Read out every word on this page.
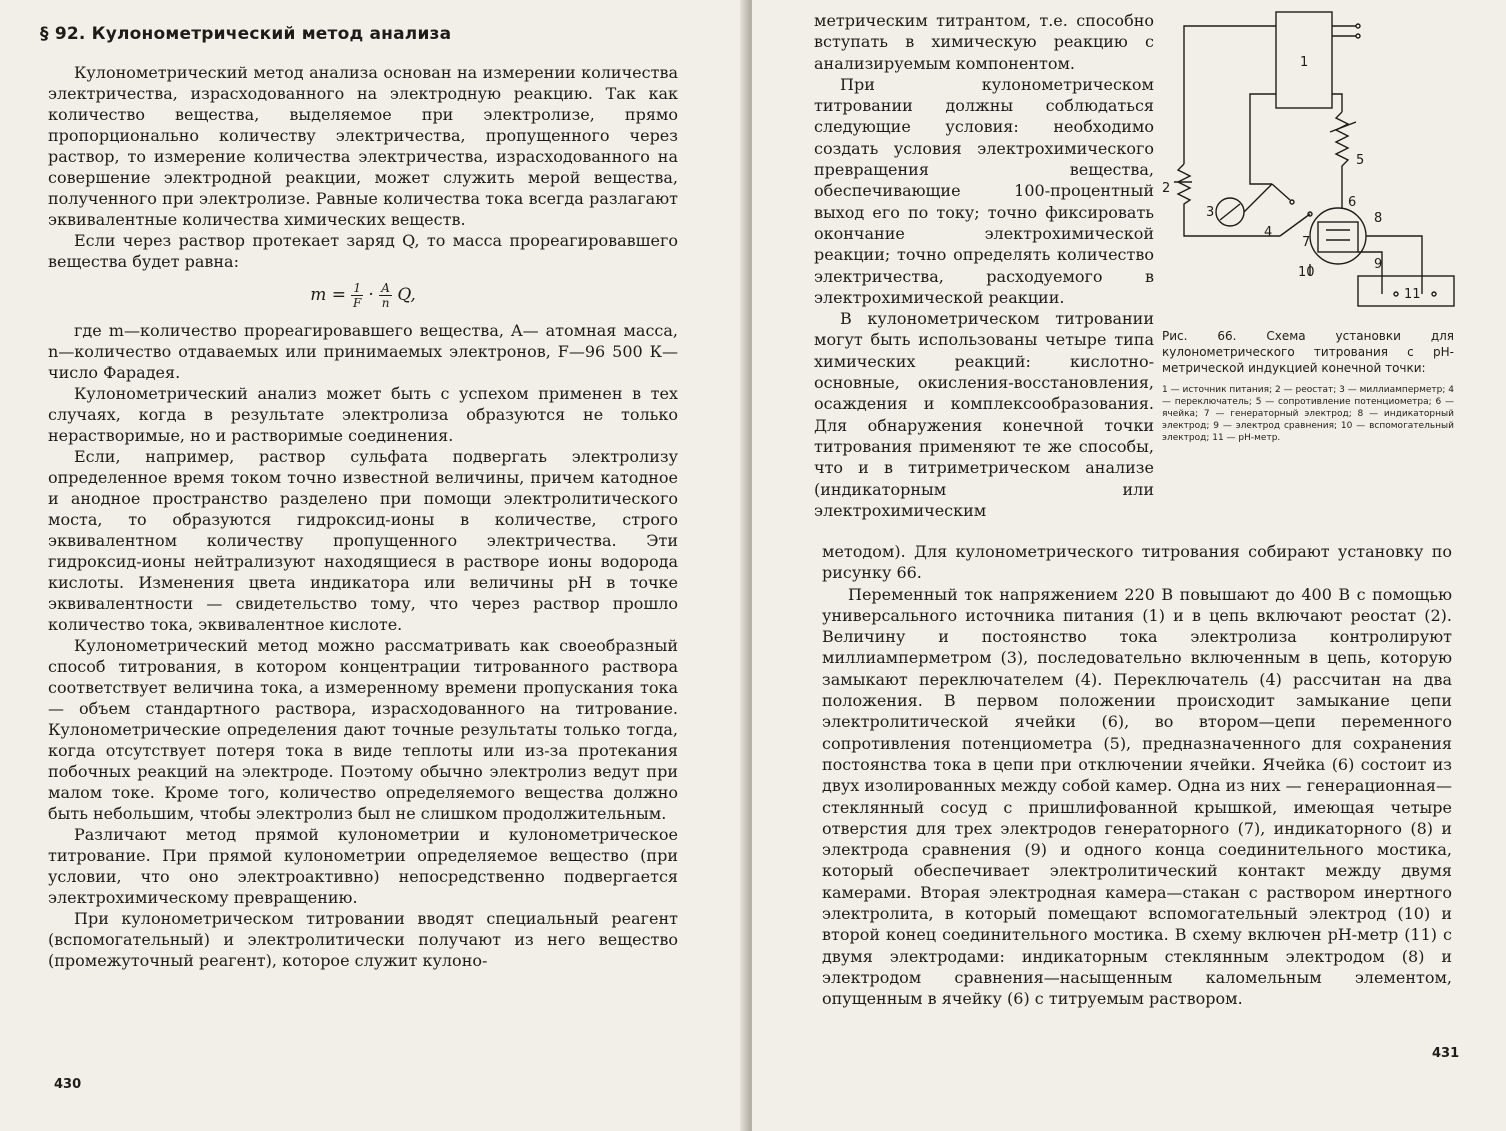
§ 92. Кулонометрический метод анализа

Кулонометрический метод анализа основан на измерении количества электричества, израсходованного на электродную реакцию. Так как количество вещества, выделяемое при электролизе, прямо пропорционально количеству электричества, пропущенного через раствор, то измерение количества электричества, израсходованного на совершение электродной реакции, может служить мерой вещества, полученного при электролизе. Равные количества тока всегда разлагают эквивалентные количества химических веществ.

Если через раствор протекает заряд Q, то масса прореагировавшего вещества будет равна:

$m = \frac{1}{F} \cdot \frac{A}{n} Q$,

где m—количество прореагировавшего вещества, A— атомная масса, n—количество отдаваемых или принимаемых электронов, F—96 500 К—число Фарадея.

Кулонометрический анализ может быть с успехом применен в тех случаях, когда в результате электролиза образуются не только нерастворимые, но и растворимые соединения.

Если, например, раствор сульфата подвергать электролизу определенное время током точно известной величины, причем катодное и анодное пространство разделено при помощи электролитического моста, то образуются гидроксид-ионы в количестве, строго эквивалентном количеству пропущенного электричества. Эти гидроксид-ионы нейтрализуют находящиеся в растворе ионы водорода кислоты. Изменения цвета индикатора или величины pH в точке эквивалентности — свидетельство тому, что через раствор прошло количество тока, эквивалентное кислоте.

Кулонометрический метод можно рассматривать как своеобразный способ титрования, в котором концентрации титрованного раствора соответствует величина тока, а измеренному времени пропускания тока — объем стандартного раствора, израсходованного на титрование. Кулонометрические определения дают точные результаты только тогда, когда отсутствует потеря тока в виде теплоты или из-за протекания побочных реакций на электроде. Поэтому обычно электролиз ведут при малом токе. Кроме того, количество определяемого вещества должно быть небольшим, чтобы электролиз был не слишком продолжительным.

Различают метод прямой кулонометрии и кулонометрическое титрование. При прямой кулонометрии определяемое вещество (при условии, что оно электроактивно) непосредственно подвергается электрохимическому превращению.

При кулонометрическом титровании вводят специальный реагент (вспомогательный) и электролитически получают из него вещество (промежуточный реагент), которое служит кулоно-

430

метрическим титрантом, т.е. способно вступать в химическую реакцию с анализируемым компонентом.

При кулонометрическом титровании должны соблюдаться следующие условия: необходимо создать условия электрохимического превращения вещества, обеспечивающие 100-процентный выход его по току; точно фиксировать окончание электрохимической реакции; точно определять количество электричества, расходуемого в электрохимической реакции.

В кулонометрическом титровании могут быть использованы четыре типа химических реакций: кислотно-основные, окисления-восстановления, осаждения и комплексообразования. Для обнаружения конечной точки титрования применяют те же способы, что и в титриметрическом анализе (индикаторным или электрохимическим

1
2
3
4
5
6
7
8
9
10
11

Рис. 66. Схема установки для кулонометрического титрования с pH-метрической индукцией конечной точки:

1 — источник питания; 2 — реостат; 3 — миллиамперметр; 4 — переключатель; 5 — сопротивление потенциометра; 6 — ячейка; 7 — генераторный электрод; 8 — индикаторный электрод; 9 — электрод сравнения; 10 — вспомогательный электрод; 11 — pH-метр.

методом). Для кулонометрического титрования собирают установку по рисунку 66.

Переменный ток напряжением 220 В повышают до 400 В с помощью универсального источника питания (1) и в цепь включают реостат (2). Величину и постоянство тока электролиза контролируют миллиамперметром (3), последовательно включенным в цепь, которую замыкают переключателем (4). Переключатель (4) рассчитан на два положения. В первом положении происходит замыкание цепи электролитической ячейки (6), во втором—цепи переменного сопротивления потенциометра (5), предназначенного для сохранения постоянства тока в цепи при отключении ячейки. Ячейка (6) состоит из двух изолированных между собой камер. Одна из них — генерационная—стеклянный сосуд с пришлифованной крышкой, имеющая четыре отверстия для трех электродов генераторного (7), индикаторного (8) и электрода сравнения (9) и одного конца соединительного мостика, который обеспечивает электролитический контакт между двумя камерами. Вторая электродная камера—стакан с раствором инертного электролита, в который помещают вспомогательный электрод (10) и второй конец соединительного мостика. В схему включен pH-метр (11) с двумя электродами: индикаторным стеклянным электродом (8) и электродом сравнения—насыщенным каломельным элементом, опущенным в ячейку (6) с титруемым раствором.

431
